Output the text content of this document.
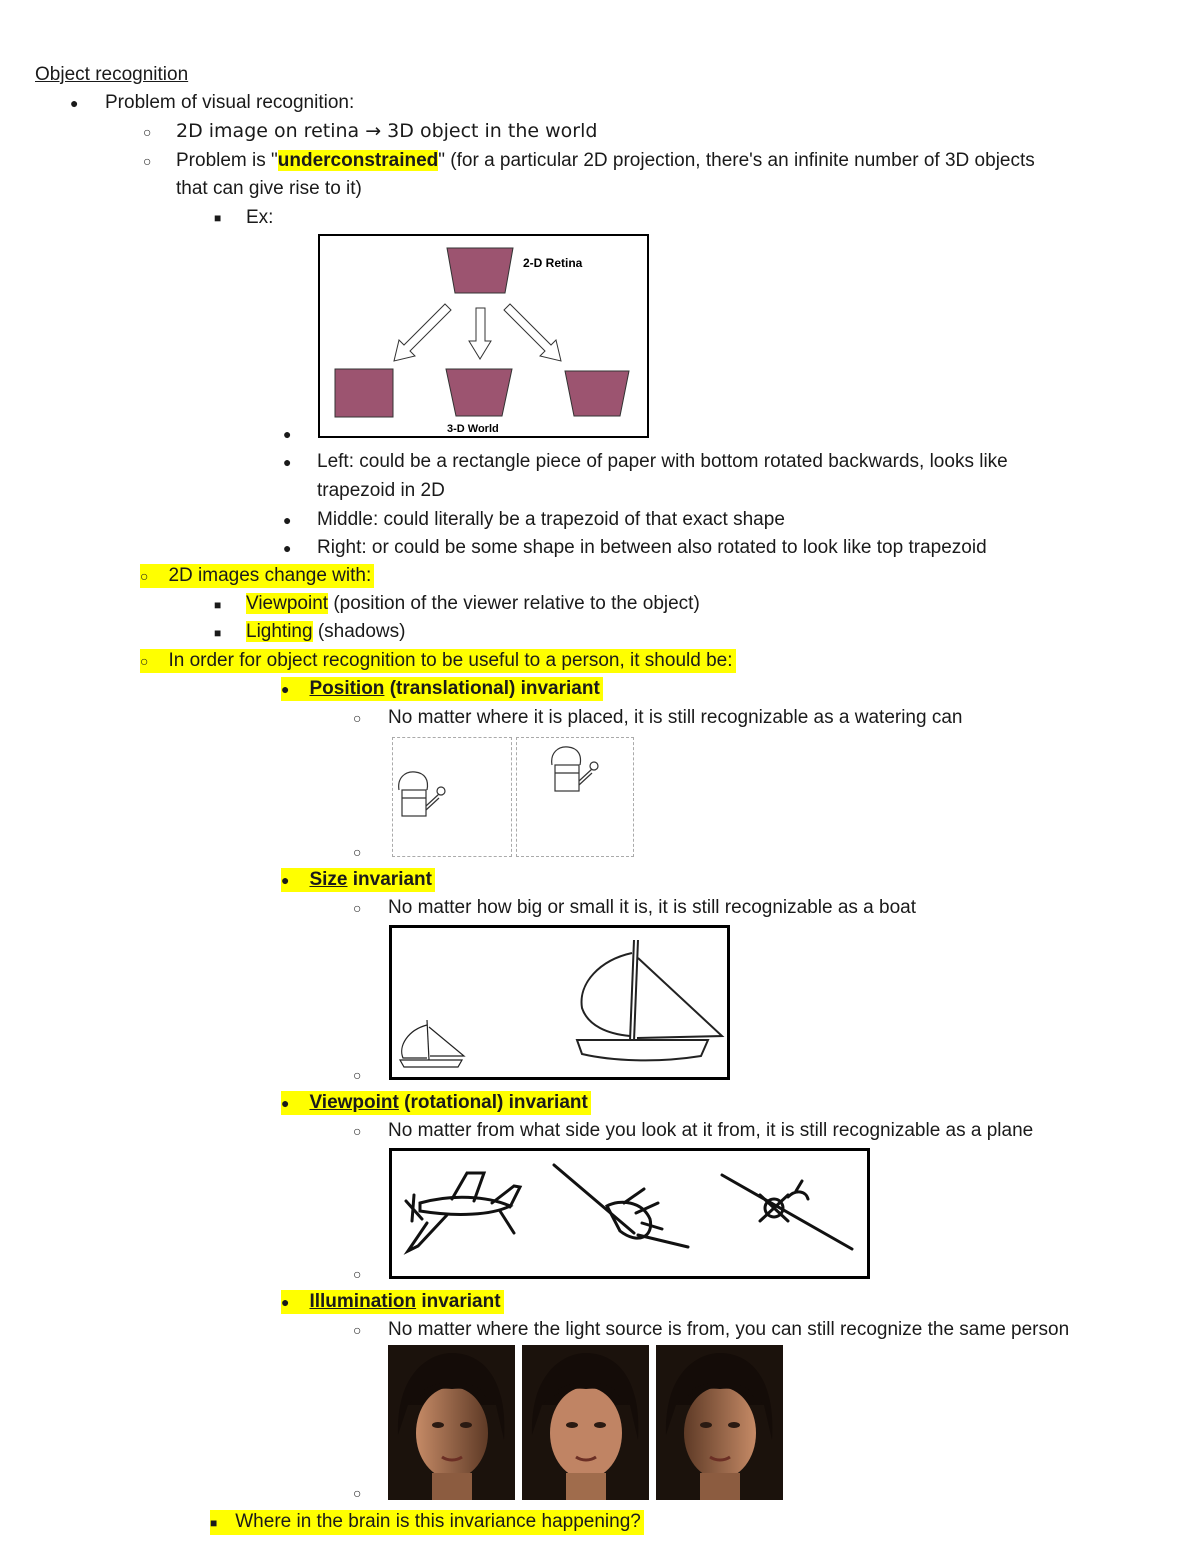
Object recognition
● Problem of visual recognition:
○ 2D image on retina → 3D object in the world
○ Problem is "underconstrained" (for a particular 2D projection, there's an infinite number of 3D objects
that can give rise to it)
■ Ex:
2-D Retina
3-D World
●
● Left: could be a rectangle piece of paper with bottom rotated backwards, looks like
trapezoid in 2D
● Middle: could literally be a trapezoid of that exact shape
● Right: or could be some shape in between also rotated to look like top trapezoid
○ 2D images change with:
■ Viewpoint (position of the viewer relative to the object)
■ Lighting (shadows)
○ In order for object recognition to be useful to a person, it should be:
● Position (translational) invariant
○ No matter where it is placed, it is still recognizable as a watering can
○
● Size invariant
○ No matter how big or small it is, it is still recognizable as a boat
○
● Viewpoint (rotational) invariant
○ No matter from what side you look at it from, it is still recognizable as a plane
○
● Illumination invariant
○ No matter where the light source is from, you can still recognize the same person
○
■ Where in the brain is this invariance happening?
